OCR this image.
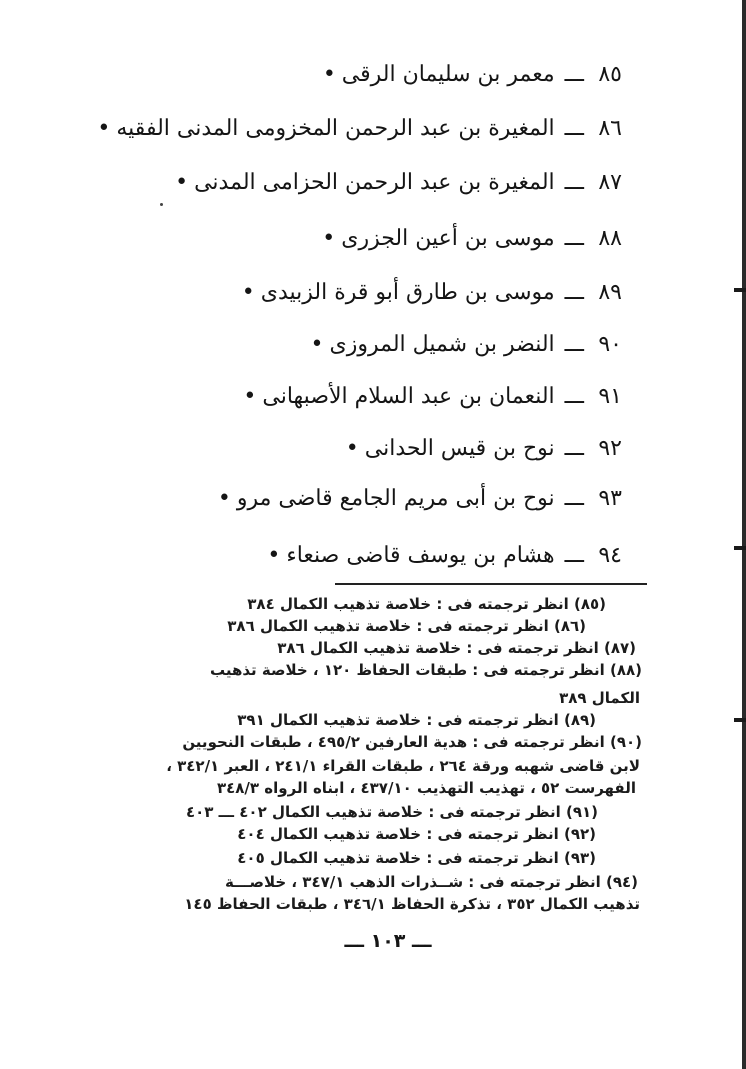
٨٥ـــمعمر بن سليمان الرقى•
٨٦ـــالمغيرة بن عبد الرحمن المخزومى المدنى الفقيه•
٨٧ـــالمغيرة بن عبد الرحمن الحزامى المدنى•
٨٨ـــموسى بن أعين الجزرى•
٨٩ـــموسى بن طارق أبو قرة الزبيدى•
٩٠ـــالنضر بن شميل المروزى•
٩١ـــالنعمان بن عبد السلام الأصبهانى•
٩٢ـــنوح بن قيس الحدانى•
٩٣ـــنوح بن أبى مريم الجامع قاضى مرو•
٩٤ـــهشام بن يوسف قاضى صنعاء•
(٨٥) انظر ترجمته فى : خلاصة تذهيب الكمال ٣٨٤
(٨٦) انظر ترجمته فى : خلاصة تذهيب الكمال ٣٨٦
(٨٧) انظر ترجمته فى : خلاصة تذهيب الكمال ٣٨٦
(٨٨) انظر ترجمته فى : طبقات الحفاظ ١٢٠ ، خلاصة تذهيب
الكمال ٣٨٩
(٨٩) انظر ترجمته فى : خلاصة تذهيب الكمال ٣٩١
(٩٠) انظر ترجمته فى : هدية العارفين ٤٩٥/٢ ، طبقات النحويين
لابن قاضى شهبه ورقة ٢٦٤ ، طبقات القراء ٢٤١/١ ، العبر ٣٤٢/١ ،
الفهرست ٥٢ ، تهذيب التهذيب ٤٣٧/١٠ ، ابناه الرواه ٣٤٨/٣
(٩١) انظر ترجمته فى : خلاصة تذهيب الكمال ٤٠٢ ـــ ٤٠٣
(٩٢) انظر ترجمته فى : خلاصة تذهيب الكمال ٤٠٤
(٩٣) انظر ترجمته فى : خلاصة تذهيب الكمال ٤٠٥
(٩٤) انظر ترجمته فى : شــذرات الذهب ٣٤٧/١ ، خلاصـــة
تذهيب الكمال ٣٥٢ ، تذكرة الحفاظ ٣٤٦/١ ، طبقات الحفاظ ١٤٥
ـــ ١٠٣ ـــ
